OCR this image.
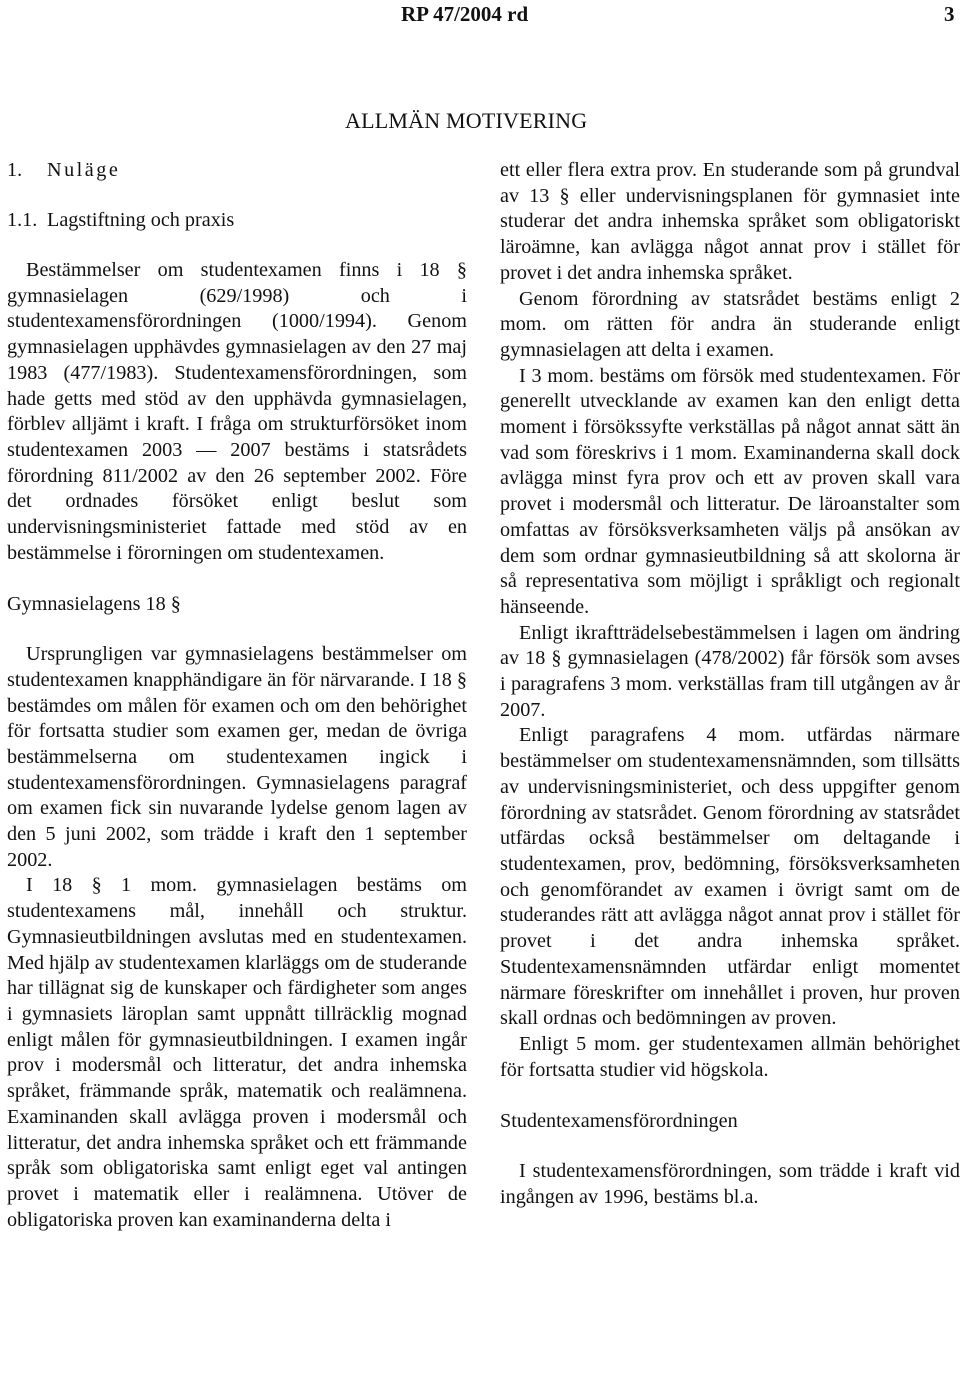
RP 47/2004 rd	3
ALLMÄN MOTIVERING
1. Nuläge
1.1. Lagstiftning och praxis

Bestämmelser om studentexamen finns i 18 § gymnasielagen (629/1998) och i studentexamensförordningen (1000/1994). Genom gymnasielagen upphävdes gymnasielagen av den 27 maj 1983 (477/1983). Studentexamensförordningen, som hade getts med stöd av den upphävda gymnasielagen, förblev alljämt i kraft. I fråga om strukturförsöket inom studentexamen 2003 — 2007 bestäms i statsrådets förordning 811/2002 av den 26 september 2002. Före det ordnades försöket enligt beslut som undervisningsministeriet fattade med stöd av en bestämmelse i förorningen om studentexamen.

Gymnasielagens 18 §

Ursprungligen var gymnasielagens bestämmelser om studentexamen knapphändigare än för närvarande. I 18 § bestämdes om målen för examen och om den behörighet för fortsatta studier som examen ger, medan de övriga bestämmelserna om studentexamen ingick i studentexamensförordningen. Gymnasielagens paragraf om examen fick sin nuvarande lydelse genom lagen av den 5 juni 2002, som trädde i kraft den 1 september 2002.

I 18 § 1 mom. gymnasielagen bestäms om studentexamens mål, innehåll och struktur. Gymnasieutbildningen avslutas med en studentexamen. Med hjälp av studentexamen klarläggs om de studerande har tillägnat sig de kunskaper och färdigheter som anges i gymnasiets läroplan samt uppnått tillräcklig mognad enligt målen för gymnasieutbildningen. I examen ingår prov i modersmål och litteratur, det andra inhemska språket, främmande språk, matematik och realämnena. Examinanden skall avlägga proven i modersmål och litteratur, det andra inhemska språket och ett främmande språk som obligatoriska samt enligt eget val antingen provet i matematik eller i realämnena. Utöver de obligatoriska proven kan examinanderna delta i

ett eller flera extra prov. En studerande som på grundval av 13 § eller undervisningsplanen för gymnasiet inte studerar det andra inhemska språket som obligatoriskt läroämne, kan avlägga något annat prov i stället för provet i det andra inhemska språket.

Genom förordning av statsrådet bestäms enligt 2 mom. om rätten för andra än studerande enligt gymnasielagen att delta i examen.

I 3 mom. bestäms om försök med studentexamen. För generellt utvecklande av examen kan den enligt detta moment i försökssyfte verkställas på något annat sätt än vad som föreskrivs i 1 mom. Examinanderna skall dock avlägga minst fyra prov och ett av proven skall vara provet i modersmål och litteratur. De läroanstalter som omfattas av försöksverksamheten väljs på ansökan av dem som ordnar gymnasieutbildning så att skolorna är så representativa som möjligt i språkligt och regionalt hänseende.

Enligt ikraftträdelsebestämmelsen i lagen om ändring av 18 § gymnasielagen (478/2002) får försök som avses i paragrafens 3 mom. verkställas fram till utgången av år 2007.

Enligt paragrafens 4 mom. utfärdas närmare bestämmelser om studentexamensnämnden, som tillsätts av undervisningsministeriet, och dess uppgifter genom förordning av statsrådet. Genom förordning av statsrådet utfärdas också bestämmelser om deltagande i studentexamen, prov, bedömning, försöksverksamheten och genomförandet av examen i övrigt samt om de studerandes rätt att avlägga något annat prov i stället för provet i det andra inhemska språket. Studentexamensnämnden utfärdar enligt momentet närmare föreskrifter om innehållet i proven, hur proven skall ordnas och bedömningen av proven.

Enligt 5 mom. ger studentexamen allmän behörighet för fortsatta studier vid högskola.

Studentexamensförordningen

I studentexamensförordningen, som trädde i kraft vid ingången av 1996, bestäms bl.a.
